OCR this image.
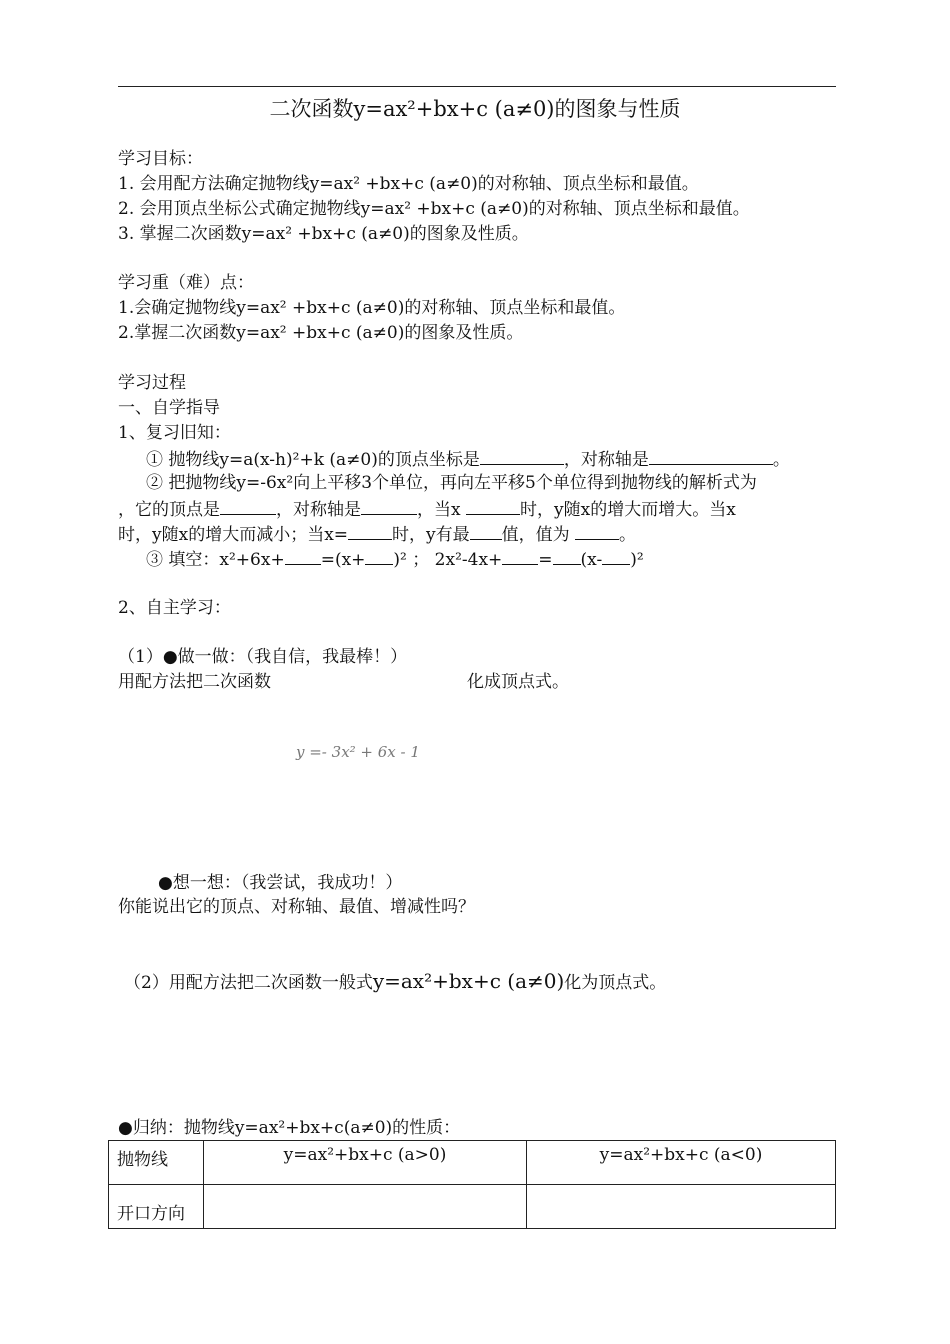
二次函数y=ax²+bx+c (a≠0)的图象与性质
学习目标：
1. 会用配方法确定抛物线y=ax² +bx+c (a≠0)的对称轴、顶点坐标和最值。
2. 会用顶点坐标公式确定抛物线y=ax² +bx+c (a≠0)的对称轴、顶点坐标和最值。
3. 掌握二次函数y=ax² +bx+c (a≠0)的图象及性质。
学习重（难）点：
1.会确定抛物线y=ax² +bx+c (a≠0)的对称轴、顶点坐标和最值。
2.掌握二次函数y=ax² +bx+c (a≠0)的图象及性质。
学习过程
一、自学指导
1、复习旧知：
① 抛物线y=a(x-h)²+k (a≠0)的顶点坐标是	，对称轴是	。
② 把抛物线y=-6x²向上平移3个单位，再向左平移5个单位得到抛物线的解析式为
，它的顶点是	，对称轴是	，当x	时，y随x的增大而增大。当x
时，y随x的增大而减小；当x=	时，y有最 值，值为	。
③ 填空：x²+6x+ =(x+ )² ； 2x²-4x+ = (x- )²
2、自主学习：
（1）●做一做：（我自信，我最棒！）
用配方法把二次函数	化成顶点式。
y =- 3x² + 6x - 1
●想一想：（我尝试，我成功！）
你能说出它的顶点、对称轴、最值、增减性吗？
（2）用配方法把二次函数一般式y=ax²+bx+c (a≠0)化为顶点式。
●归纳：抛物线y=ax²+bx+c(a≠0)的性质：
抛物线	y=ax²+bx+c (a>0)	y=ax²+bx+c (a<0)
开口方向		
